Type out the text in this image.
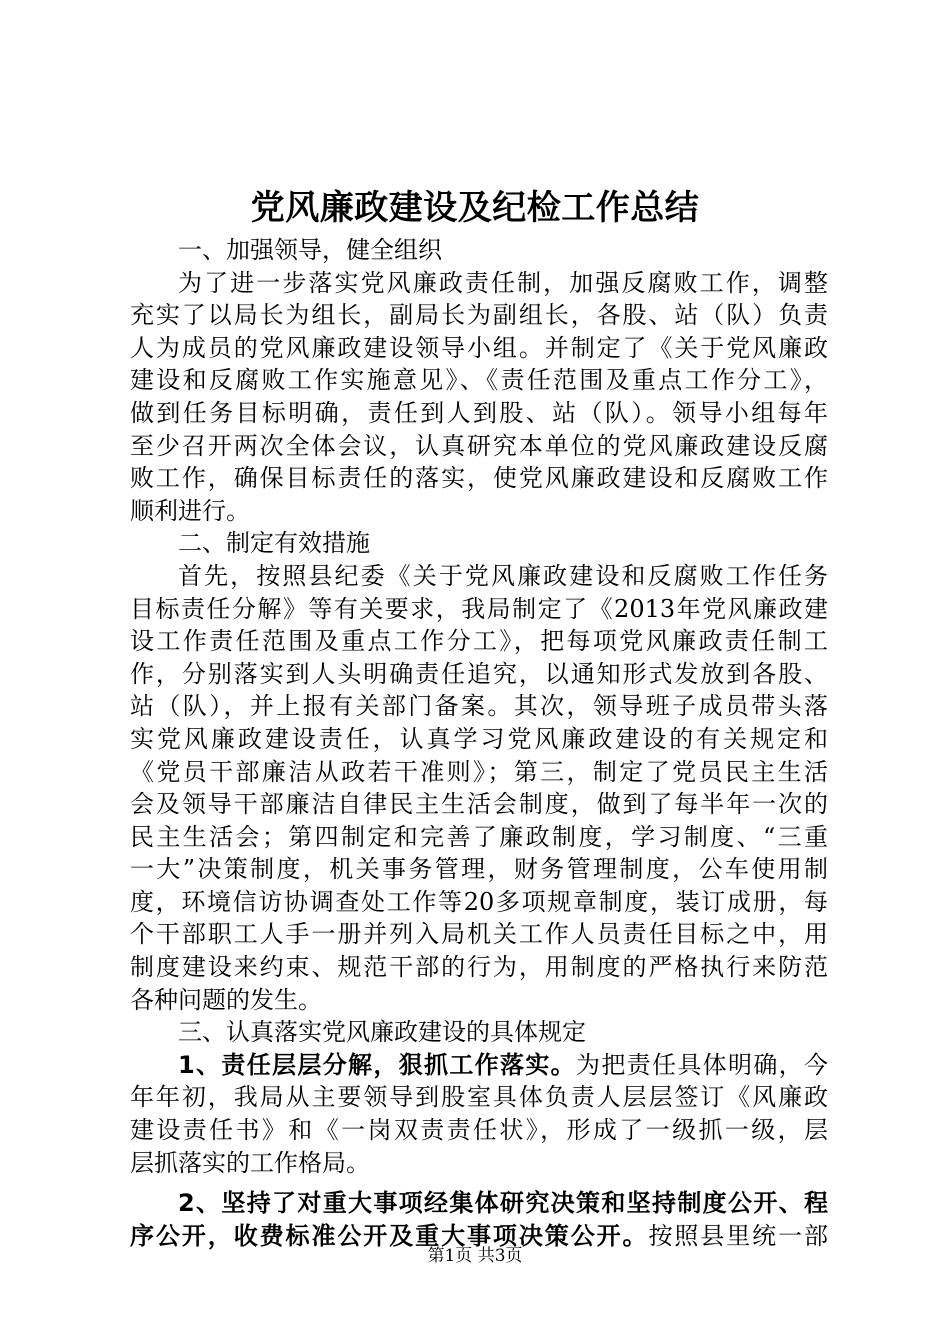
党风廉政建设及纪检工作总结
一、加强领导，健全组织
为了进一步落实党风廉政责任制，加强反腐败工作，调整
充实了以局长为组长，副局长为副组长，各股、站（队）负责
人为成员的党风廉政建设领导小组。并制定了《关于党风廉政
建设和反腐败工作实施意见》、《责任范围及重点工作分工》，
做到任务目标明确，责任到人到股、站（队）。领导小组每年
至少召开两次全体会议，认真研究本单位的党风廉政建设反腐
败工作，确保目标责任的落实，使党风廉政建设和反腐败工作
顺利进行。
二、制定有效措施
首先，按照县纪委《关于党风廉政建设和反腐败工作任务
目标责任分解》等有关要求，我局制定了《2013年党风廉政建
设工作责任范围及重点工作分工》，把每项党风廉政责任制工
作，分别落实到人头明确责任追究，以通知形式发放到各股、
站（队），并上报有关部门备案。其次，领导班子成员带头落
实党风廉政建设责任，认真学习党风廉政建设的有关规定和
《党员干部廉洁从政若干准则》；第三，制定了党员民主生活
会及领导干部廉洁自律民主生活会制度，做到了每半年一次的
民主生活会；第四制定和完善了廉政制度，学习制度、“三重
一大”决策制度，机关事务管理，财务管理制度，公车使用制
度，环境信访协调查处工作等20多项规章制度，装订成册，每
个干部职工人手一册并列入局机关工作人员责任目标之中，用
制度建设来约束、规范干部的行为，用制度的严格执行来防范
各种问题的发生。
三、认真落实党风廉政建设的具体规定
1、责任层层分解，狠抓工作落实。为把责任具体明确，今
年年初，我局从主要领导到股室具体负责人层层签订《风廉政
建设责任书》和《一岗双责责任状》，形成了一级抓一级，层
层抓落实的工作格局。
2、坚持了对重大事项经集体研究决策和坚持制度公开、程
序公开，收费标准公开及重大事项决策公开。按照县里统一部
第1页 共3页
